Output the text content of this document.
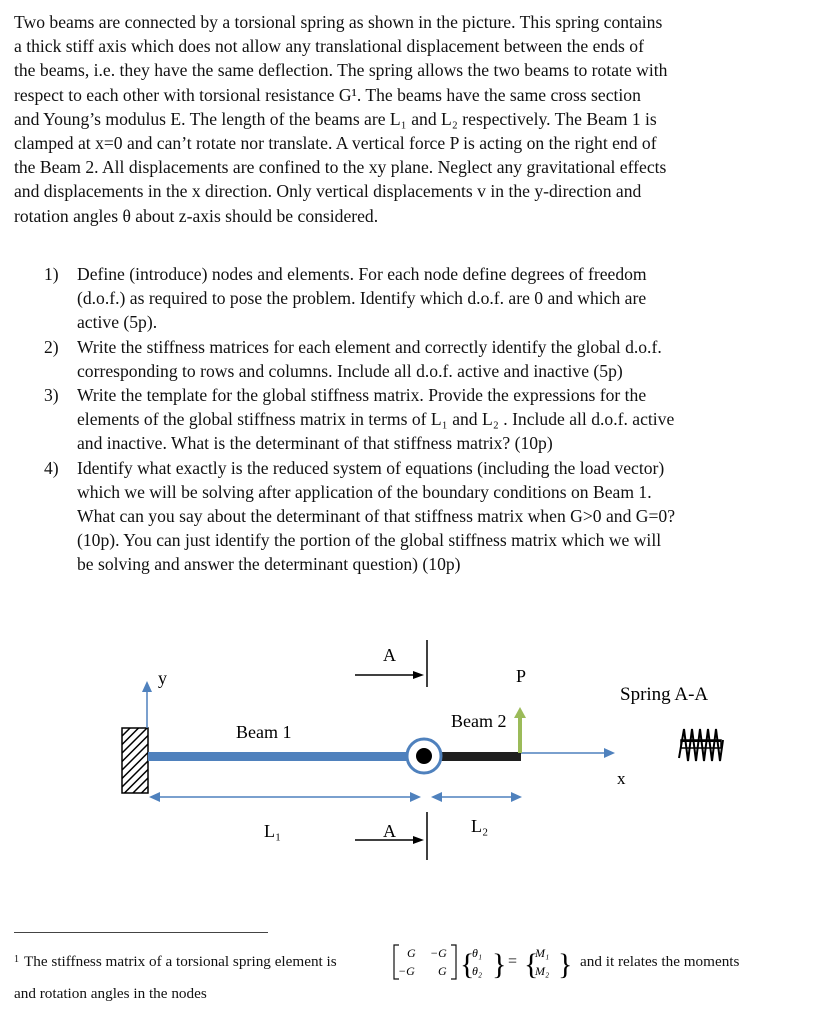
Two beams are connected by a torsional spring as shown in the picture. This spring contains

a thick stiff axis which does not allow any translational displacement between the ends of

the beams, i.e. they have the same deflection. The spring allows the two beams to rotate with

respect to each other with torsional resistance G¹. The beams have the same cross section

and Young’s modulus E. The length of the beams are L₁ and L₂ respectively. The Beam 1 is

clamped at x=0 and can’t rotate nor translate. A vertical force P is acting on the right end of

the Beam 2. All displacements are confined to the xy plane. Neglect any gravitational effects

and displacements in the x direction. Only vertical displacements v in the y-direction and

rotation angles θ about z-axis should be considered.

1) Define (introduce) nodes and elements. For each node define degrees of freedom
(d.o.f.) as required to pose the problem. Identify which d.o.f. are 0 and which are
active (5p).
2) Write the stiffness matrices for each element and correctly identify the global d.o.f.
corresponding to rows and columns. Include all d.o.f. active and inactive (5p)
3) Write the template for the global stiffness matrix. Provide the expressions for the
elements of the global stiffness matrix in terms of L₁ and L₂ . Include all d.o.f. active
and inactive. What is the determinant of that stiffness matrix? (10p)
4) Identify what exactly is the reduced system of equations (including the load vector)
which we will be solving after application of the boundary conditions on Beam 1.
What can you say about the determinant of that stiffness matrix when G>0 and G=0?
(10p). You can just identify the portion of the global stiffness matrix which we will
be solving and answer the determinant question) (10p)
y
x
P
Beam 1
Beam 2
A
A
L₁	L₂
Spring A-A
$^1$ The stiffness matrix of a torsional spring element is	G −G
−G G {
θ₁
θ₂ } = {
M₁
M₂ } and it relates the moments
and rotation angles in the nodes
